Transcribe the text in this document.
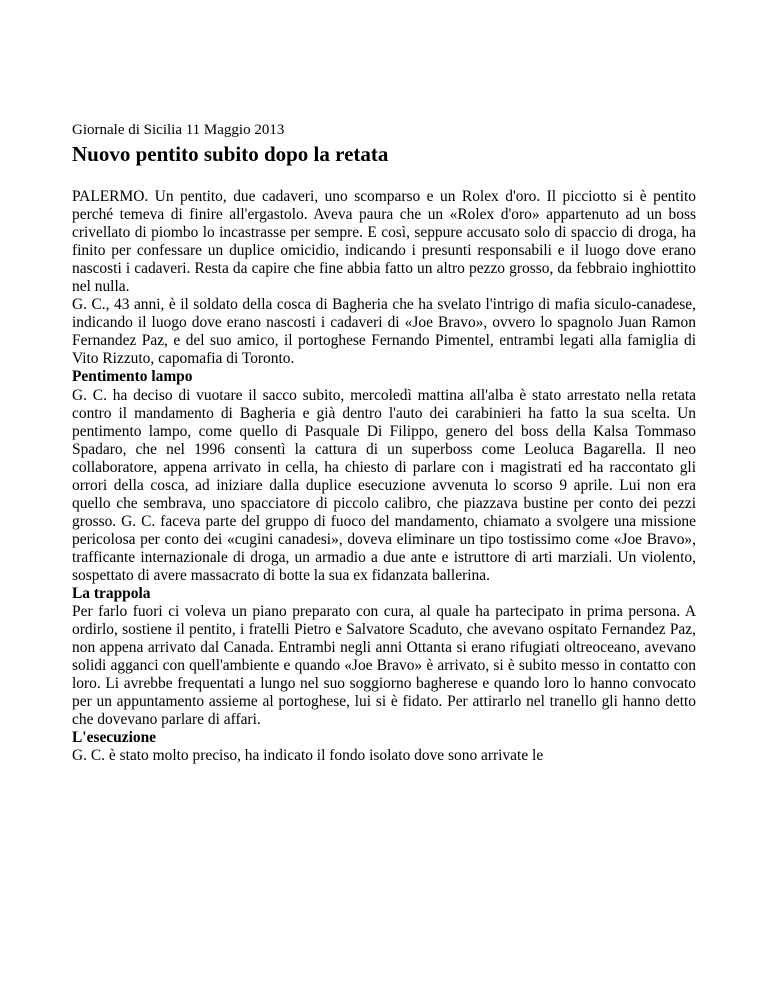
Giornale di Sicilia 11 Maggio 2013

Nuovo pentito subito dopo la retata

PALERMO. Un pentito, due cadaveri, uno scomparso e un Rolex d'oro. Il picciotto si è pentito perché temeva di finire all'ergastolo. Aveva paura che un «Rolex d'oro» appartenuto ad un boss crivellato di piombo lo incastrasse per sempre. E così, seppure accusato solo di spaccio di droga, ha finito per confessare un duplice omicidio, indicando i presunti responsabili e il luogo dove erano nascosti i cadaveri. Resta da capire che fine abbia fatto un altro pezzo grosso, da febbraio inghiottito nel nulla.

G. C., 43 anni, è il soldato della cosca di Bagheria che ha svelato l'intrigo di mafia siculo-canadese, indicando il luogo dove erano nascosti i cadaveri di «Joe Bravo», ovvero lo spagnolo Juan Ramon Fernandez Paz, e del suo amico, il portoghese Fernando Pimentel, entrambi legati alla famiglia di Vito Rizzuto, capomafia di Toronto.

Pentimento lampo

G. C. ha deciso di vuotare il sacco subito, mercoledì mattina all'alba è stato arrestato nella retata contro il mandamento di Bagheria e già dentro l'auto dei carabinieri ha fatto la sua scelta. Un pentimento lampo, come quello di Pasquale Di Filippo, genero del boss della Kalsa Tommaso Spadaro, che nel 1996 consentì la cattura di un superboss come Leoluca Bagarella. Il neo collaboratore, appena arrivato in cella, ha chiesto di parlare con i magistrati ed ha raccontato gli orrori della cosca, ad iniziare dalla duplice esecuzione avvenuta lo scorso 9 aprile. Lui non era quello che sembrava, uno spacciatore di piccolo calibro, che piazzava bustine per conto dei pezzi grosso. G. C. faceva parte del gruppo di fuoco del mandamento, chiamato a svolgere una missione pericolosa per conto dei «cugini canadesi», doveva eliminare un tipo tostissimo come «Joe Bravo», trafficante internazionale di droga, un armadio a due ante e istruttore di arti marziali. Un violento, sospettato di avere massacrato di botte la sua ex fidanzata ballerina.

La trappola

Per farlo fuori ci voleva un piano preparato con cura, al quale ha partecipato in prima persona. A ordirlo, sostiene il pentito, i fratelli Pietro e Salvatore Scaduto, che avevano ospitato Fernandez Paz, non appena arrivato dal Canada. Entrambi negli anni Ottanta si erano rifugiati oltreoceano, avevano solidi agganci con quell'ambiente e quando «Joe Bravo» è arrivato, si è subito messo in contatto con loro. Li avrebbe frequentati a lungo nel suo soggiorno bagherese e quando loro lo hanno convocato per un appuntamento assieme al portoghese, lui si è fidato. Per attirarlo nel tranello gli hanno detto che dovevano parlare di affari.

L'esecuzione

G. C. è stato molto preciso, ha indicato il fondo isolato dove sono arrivate le
